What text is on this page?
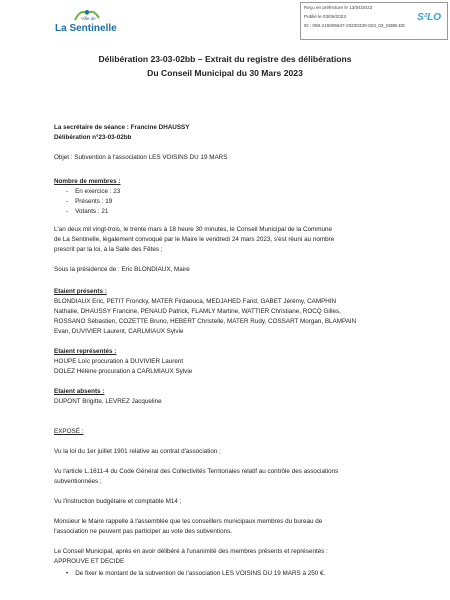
Ville de
La Sentinelle
Reçu en préfecture le 13/04/2023
Publié le 03/05/2023
ID : 059-215905647-20230330-023_03_02BB-DE
S²LO
Délibération 23-03-02bb – Extrait du registre des délibérations
Du Conseil Municipal du 30 Mars 2023
La secrétaire de séance : Francine DHAUSSY
Délibération n°23-03-02bb
Objet : Subvention à l'association LES VOISINS DU 19 MARS
Nombre de membres :
-    En exercice : 23
-    Présents : 19
-    Votants : 21
L'an deux mil vingt-trois, le trente mars à 18 heure 30 minutes, le Conseil Municipal de la Commune
de La Sentinelle, légalement convoqué par le Maire le vendredi 24 mars 2023, s'est réuni au nombre
prescrit par la loi, à la Salle des Fêtes ;
Sous la présidence de : Eric BLONDIAUX, Maire
Etaient présents :
BLONDIAUX Eric, PETIT Froncky, MATER Firdaouca, MEDJAHED Farid, GABET Jérémy, CAMPHIN
Nathalie, DHAUSSY Francine, PENAUD Patrick, FLAMLY Martine, WATTIER Christiane, ROCQ Gilles,
ROSSANO Sébastien, COZETTE Bruno, HEBERT Christelle, MATER Rudy, COSSART Morgan, BLAMPAIN
Evan, DUVIVIER Laurent, CARLMIAUX Sylvie
Etaient représentés :
HOUPE Loïc procuration à DUVIVIER Laurent
DOLEZ Hélène procuration à CARLMIAUX Sylvie
Etaient absents :
DUPONT Brigitte, LEVREZ Jacqueline
EXPOSÉ :
Vu la loi du 1er juillet 1901 relative au contrat d'association ;
Vu l'article L.1611-4 du Code Général des Collectivités Territoriales relatif au contrôle des associations
subventionnées ;
Vu l'instruction budgétaire et comptable M14 ;
Monsieur le Maire rappelle à l'assemblée que les conseillers municipaux membres du bureau de
l'association ne peuvent pas participer au vote des subventions.
Le Conseil Municipal, après en avoir délibéré à l'unanimité des membres présents et représentés :
APPROUVE ET DECIDE
•    De fixer le montant de la subvention de l'association LES VOISINS DU 19 MARS à 250 €.
